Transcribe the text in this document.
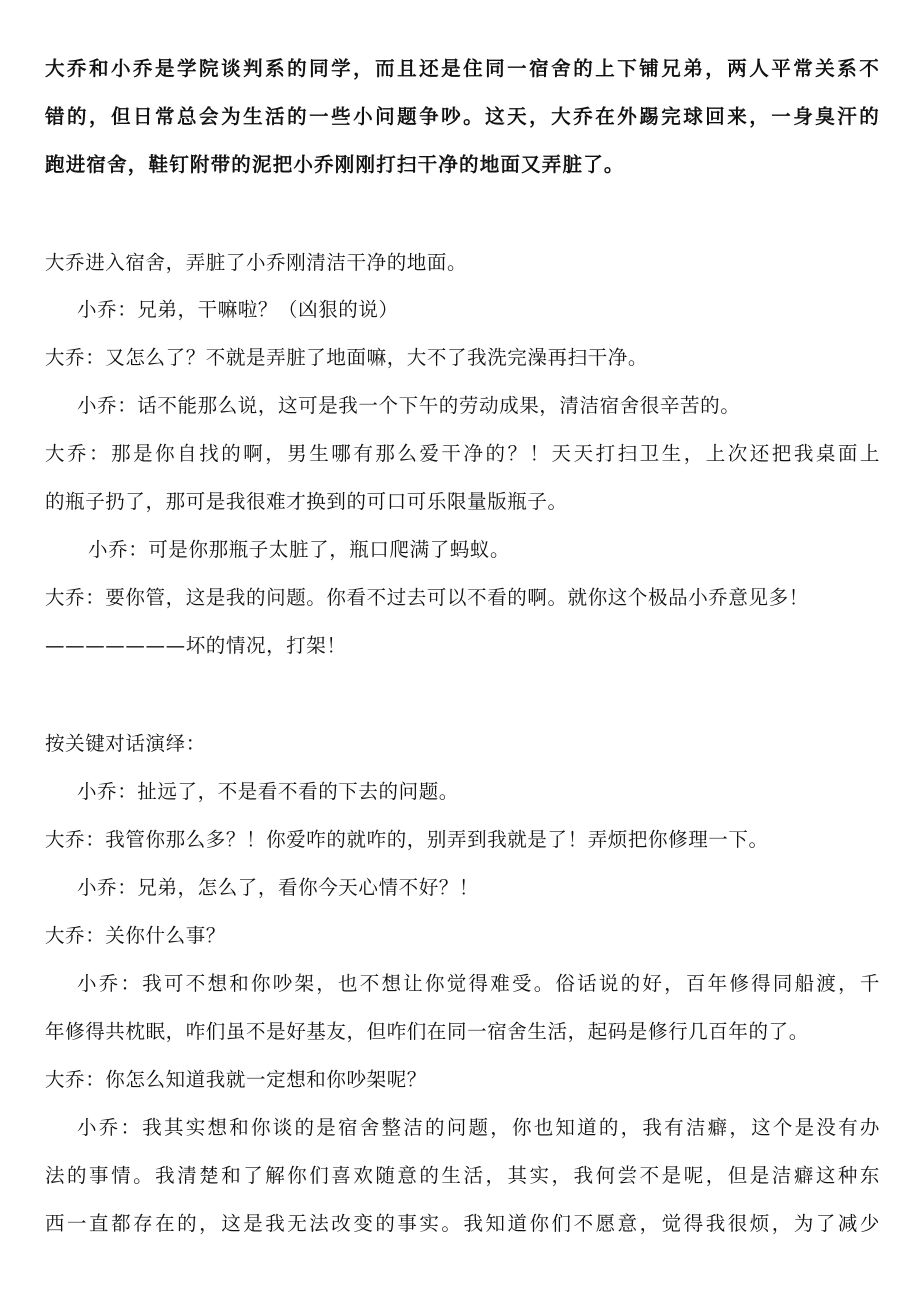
大乔和小乔是学院谈判系的同学，而且还是住同一宿舍的上下铺兄弟，两人平常关系不
错的，但日常总会为生活的一些小问题争吵。这天，大乔在外踢完球回来，一身臭汗的
跑进宿舍，鞋钉附带的泥把小乔刚刚打扫干净的地面又弄脏了。
大乔进入宿舍，弄脏了小乔刚清洁干净的地面。
小乔：兄弟，干嘛啦？（凶狠的说）
大乔：又怎么了？不就是弄脏了地面嘛，大不了我洗完澡再扫干净。
小乔：话不能那么说，这可是我一个下午的劳动成果，清洁宿舍很辛苦的。
大乔：那是你自找的啊，男生哪有那么爱干净的？！天天打扫卫生，上次还把我桌面上
的瓶子扔了，那可是我很难才换到的可口可乐限量版瓶子。
小乔：可是你那瓶子太脏了，瓶口爬满了蚂蚁。
大乔：要你管，这是我的问题。你看不过去可以不看的啊。就你这个极品小乔意见多！
———————坏的情况，打架！
按关键对话演绎：
小乔：扯远了，不是看不看的下去的问题。
大乔：我管你那么多？！你爱咋的就咋的，别弄到我就是了！弄烦把你修理一下。
小乔：兄弟，怎么了，看你今天心情不好？！
大乔：关你什么事？
小乔：我可不想和你吵架，也不想让你觉得难受。俗话说的好，百年修得同船渡，千
年修得共枕眠，咋们虽不是好基友，但咋们在同一宿舍生活，起码是修行几百年的了。
大乔：你怎么知道我就一定想和你吵架呢？
小乔：我其实想和你谈的是宿舍整洁的问题，你也知道的，我有洁癖，这个是没有办
法的事情。我清楚和了解你们喜欢随意的生活，其实，我何尝不是呢，但是洁癖这种东
西一直都存在的，这是我无法改变的事实。我知道你们不愿意，觉得我很烦，为了减少
